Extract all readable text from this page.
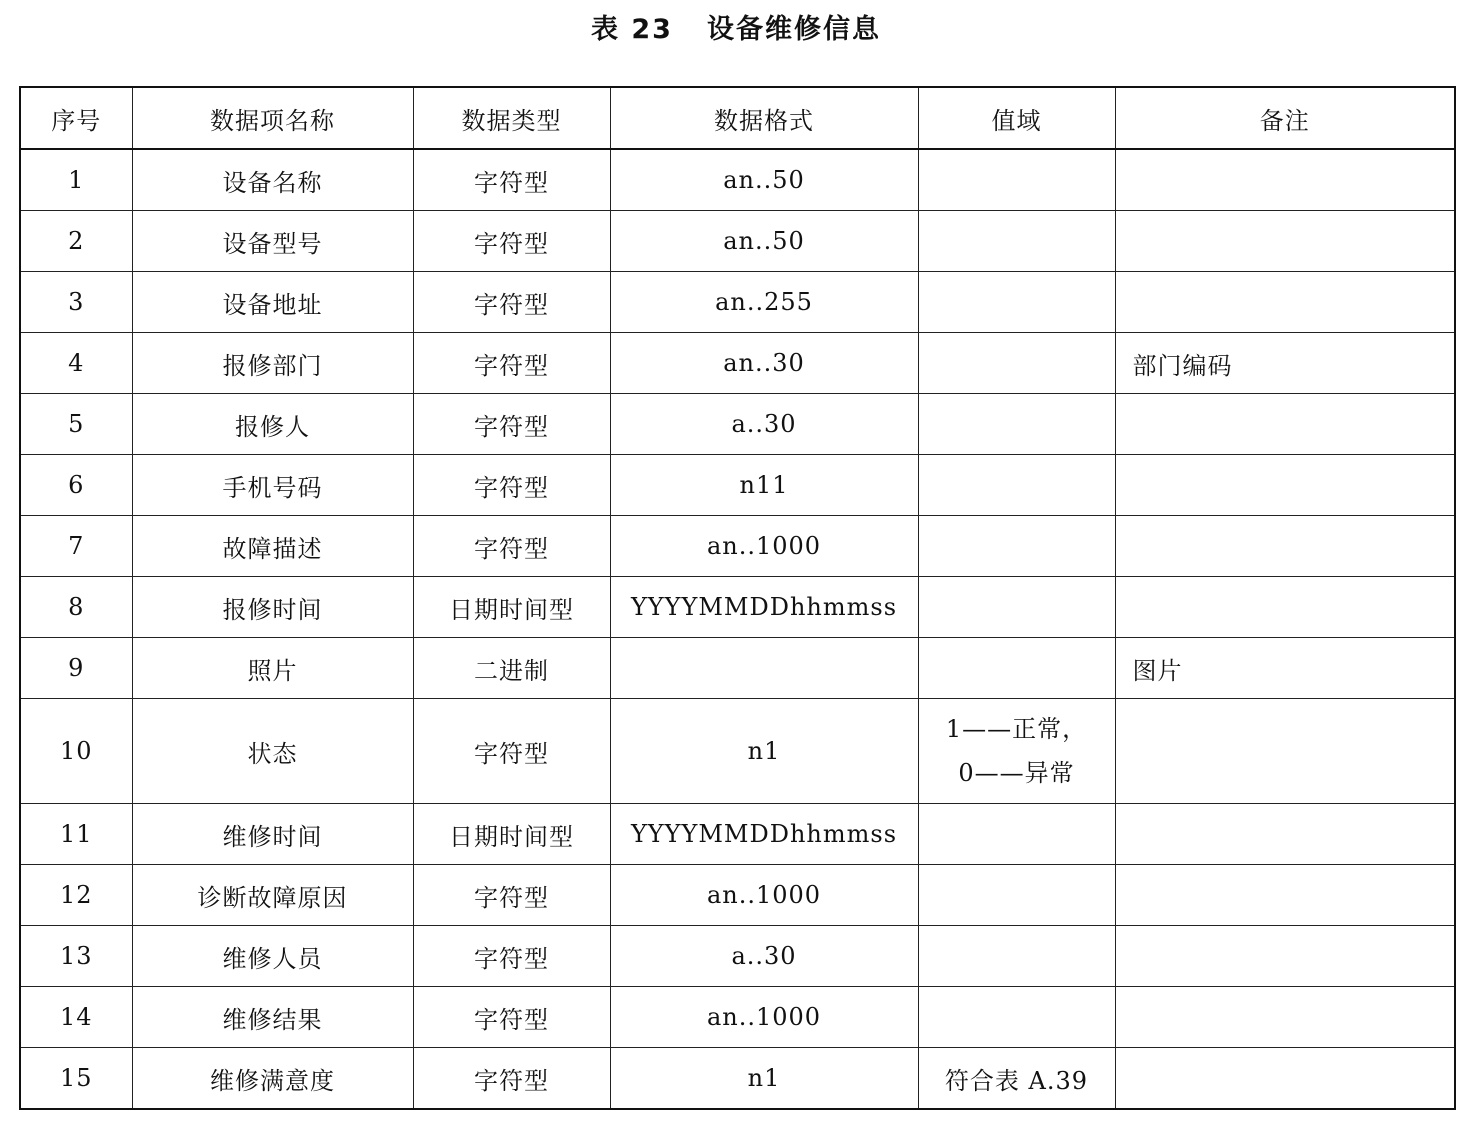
表 23 设备维修信息
序号	数据项名称	数据类型	数据格式	值域	备注
1	设备名称	字符型	an..50		
2	设备型号	字符型	an..50		
3	设备地址	字符型	an..255		
4	报修部门	字符型	an..30		部门编码
5	报修人	字符型	a..30		
6	手机号码	字符型	n11		
7	故障描述	字符型	an..1000		
8	报修时间	日期时间型	YYYYMMDDhhmmss		
9	照片	二进制			图片
10	状态	字符型	n1	1——正常，
0——异常	

11	维修时间	日期时间型	YYYYMMDDhhmmss		
12	诊断故障原因	字符型	an..1000		
13	维修人员	字符型	a..30		
14	维修结果	字符型	an..1000		
15	维修满意度	字符型	n1	符合表 A.39	
